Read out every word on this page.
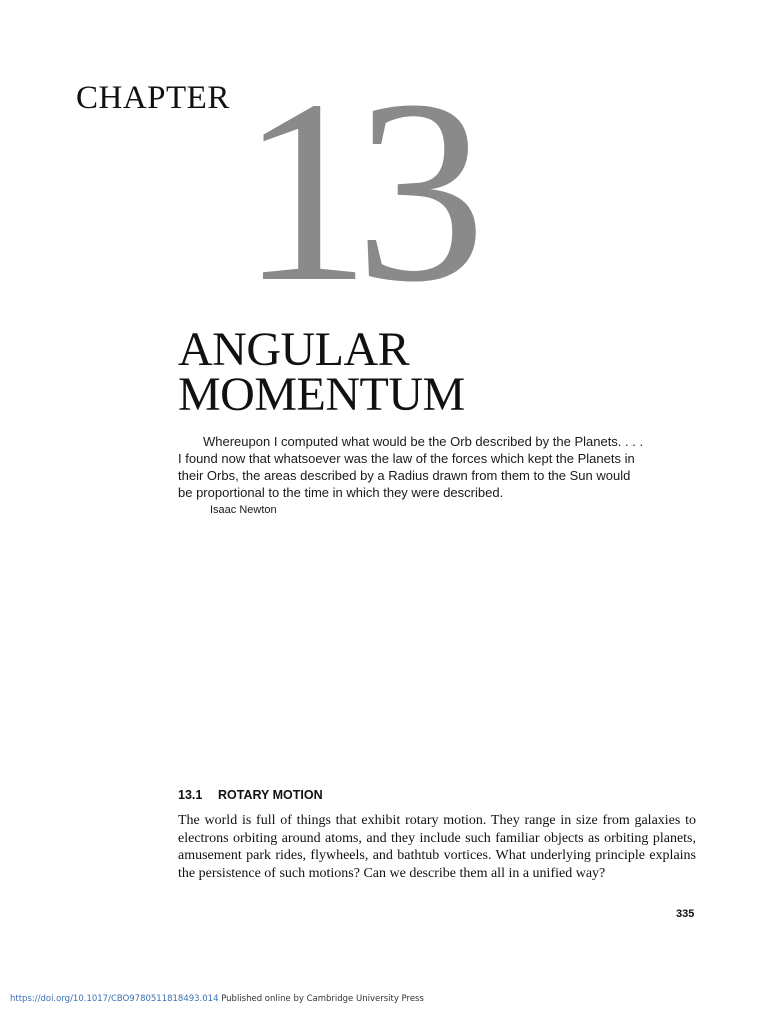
CHAPTER 13
ANGULAR
MOMENTUM

Whereupon I computed what would be the Orb described by the Planets. . . . I found now that whatsoever was the law of the forces which kept the Planets in their Orbs, the areas described by a Radius drawn from them to the Sun would be proportional to the time in which they were described.

Isaac Newton
13.1 ROTARY MOTION

The world is full of things that exhibit rotary motion. They range in size from galaxies to electrons orbiting around atoms, and they include such familiar objects as orbiting planets, amusement park rides, flywheels, and bathtub vortices. What underlying principle explains the persistence of such motions? Can we describe them all in a unified way?

335
https://doi.org/10.1017/CBO9780511818493.014 Published online by Cambridge University Press
